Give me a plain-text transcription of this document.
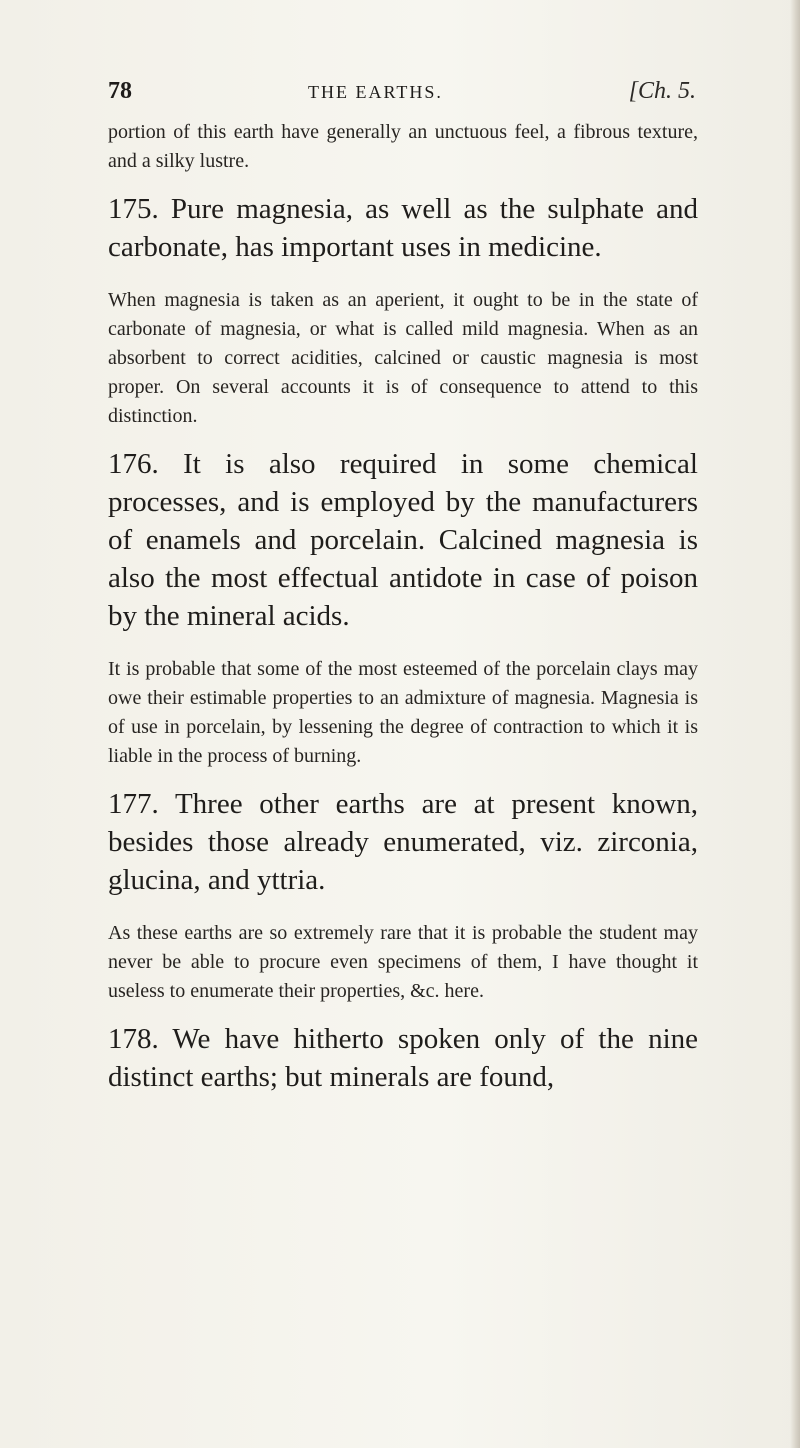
78	THE EARTHS.	[Ch. 5.

portion of this earth have generally an unctuous feel, a fibrous texture, and a silky lustre.

175. Pure magnesia, as well as the sulphate and carbonate, has important uses in medicine.

When magnesia is taken as an aperient, it ought to be in the state of carbonate of magnesia, or what is called mild magnesia. When as an absorbent to correct acidities, calcined or caustic magnesia is most proper. On several accounts it is of consequence to attend to this distinction.

176. It is also required in some chemical processes, and is employed by the manufacturers of enamels and porcelain. Calcined magnesia is also the most effectual antidote in case of poison by the mineral acids.

It is probable that some of the most esteemed of the porcelain clays may owe their estimable properties to an admixture of magnesia. Magnesia is of use in porcelain, by lessening the degree of contraction to which it is liable in the process of burning.

177. Three other earths are at present known, besides those already enumerated, viz. zirconia, glucina, and yttria.

As these earths are so extremely rare that it is probable the student may never be able to procure even specimens of them, I have thought it useless to enumerate their properties, &c. here.

178. We have hitherto spoken only of the nine distinct earths; but minerals are found,
